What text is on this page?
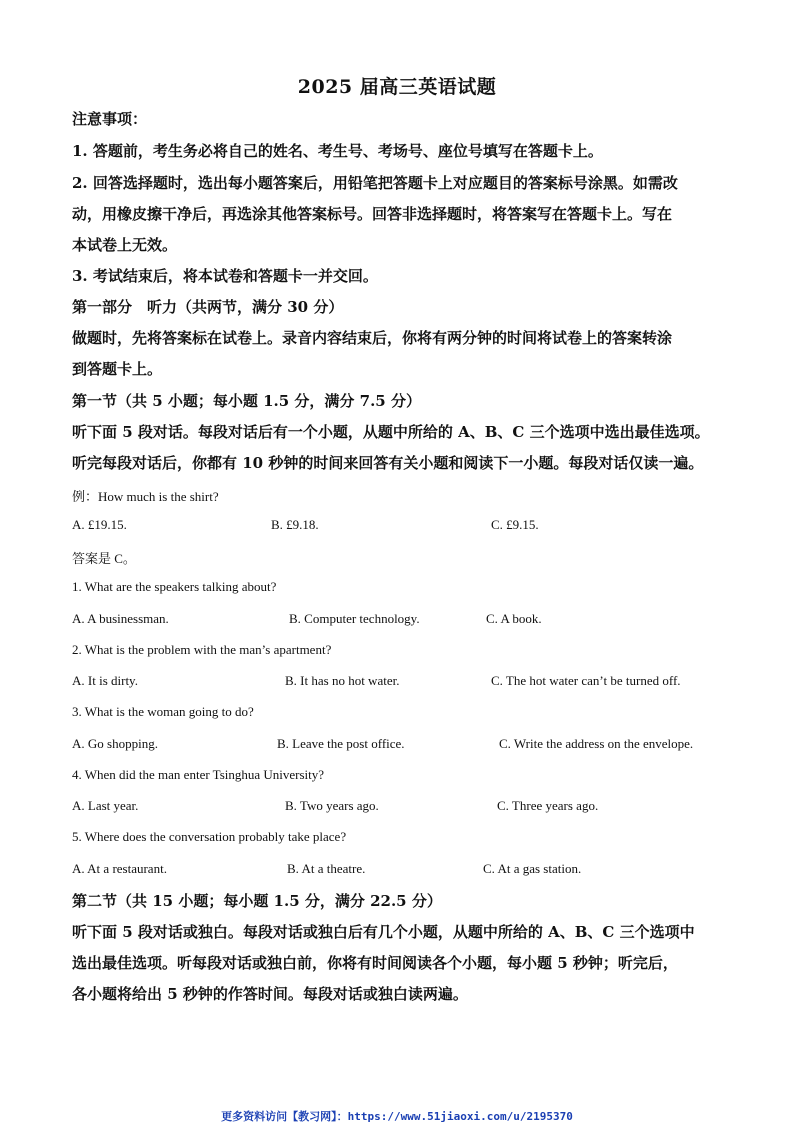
2025 届高三英语试题
注意事项：
1. 答题前，考生务必将自己的姓名、考生号、考场号、座位号填写在答题卡上。
2. 回答选择题时，选出每小题答案后，用铅笔把答题卡上对应题目的答案标号涂黑。如需改
动，用橡皮擦干净后，再选涂其他答案标号。回答非选择题时，将答案写在答题卡上。写在
本试卷上无效。
3. 考试结束后，将本试卷和答题卡一并交回。
第一部分　听力（共两节，满分 30 分）
做题时，先将答案标在试卷上。录音内容结束后，你将有两分钟的时间将试卷上的答案转涂
到答题卡上。
第一节（共 5 小题；每小题 1.5 分，满分 7.5 分）
听下面 5 段对话。每段对话后有一个小题，从题中所给的 A、B、C 三个选项中选出最佳选项。
听完每段对话后，你都有 10 秒钟的时间来回答有关小题和阅读下一小题。每段对话仅读一遍。
例：How much is the shirt?
A. £19.15.	B. £9.18.	C. £9.15.
答案是 C。
1. What are the speakers talking about?
A. A businessman.	B. Computer technology.	C. A book.
2. What is the problem with the man’s apartment?
A. It is dirty.	B. It has no hot water.	C. The hot water can’t be turned off.
3. What is the woman going to do?
A. Go shopping.	B. Leave the post office.	C. Write the address on the envelope.
4. When did the man enter Tsinghua University?
A. Last year.	B. Two years ago.	C. Three years ago.
5. Where does the conversation probably take place?
A. At a restaurant.	B. At a theatre.	C. At a gas station.
第二节（共 15 小题；每小题 1.5 分，满分 22.5 分）
听下面 5 段对话或独白。每段对话或独白后有几个小题，从题中所给的 A、B、C 三个选项中
选出最佳选项。听每段对话或独白前，你将有时间阅读各个小题，每小题 5 秒钟；听完后，
各小题将给出 5 秒钟的作答时间。每段对话或独白读两遍。
更多资料访问【教习网】：https://www.51jiaoxi.com/u/2195370
